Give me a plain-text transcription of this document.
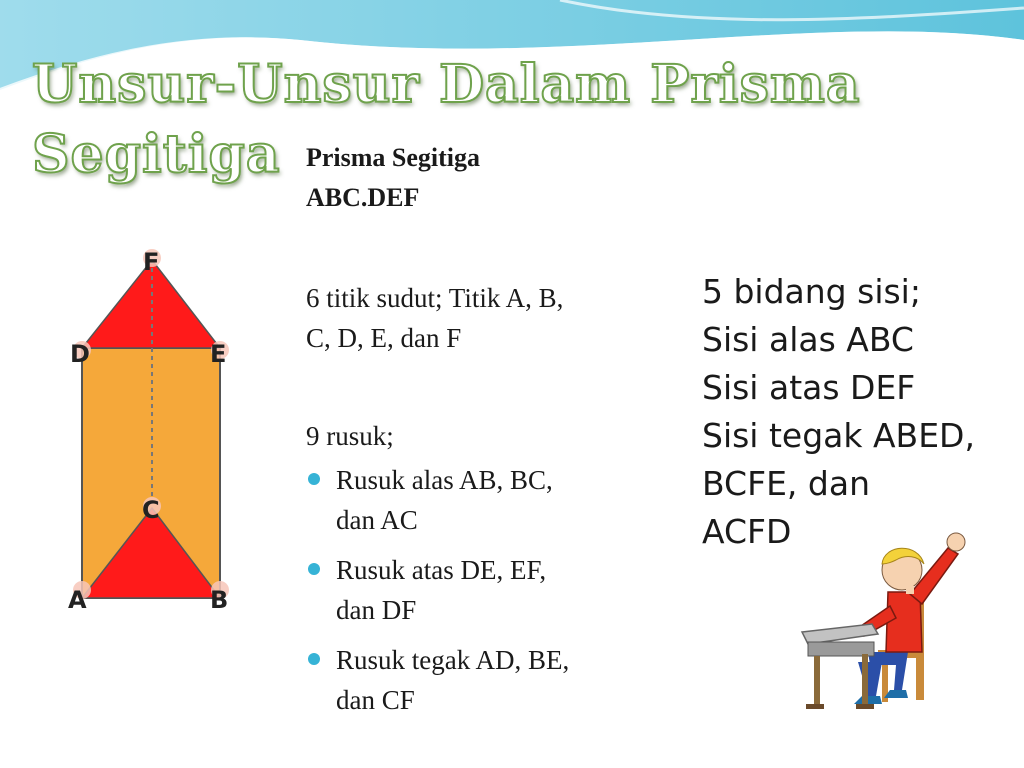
Unsur-Unsur Dalam Prisma
Segitiga
F
D	E
C
A	B

Prisma Segitiga
ABC.DEF

6 titik sudut; Titik A, B,
C, D, E, dan F

9 rusuk;

Rusuk alas AB, BC,
dan AC
Rusuk atas DE, EF,
dan DF
Rusuk tegak AD, BE,
dan CF
5 bidang sisi;
Sisi alas ABC
Sisi atas DEF
Sisi tegak ABED,
BCFE, dan
ACFD
